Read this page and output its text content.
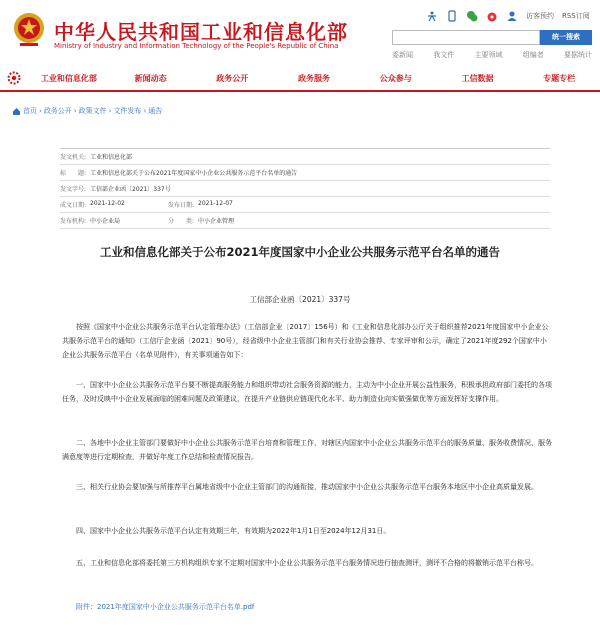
中华人民共和国工业和信息化部
Ministry of Industry and Information Technology of the People's Republic of China
访客预约 RSS订阅
统一搜索
委新闻	我文件	主要领域	组编者	要据统计
工业和信息化部	新闻动态	政务公开	政务服务	公众参与	工信数据	专题专栏
首页 › 政务公开 › 政策文件 › 文件发布 › 通告
发文机关: 工业和信息化部
标　　题: 工业和信息化部关于公布2021年度国家中小企业公共服务示范平台名单的通告
发文字号: 工信部企业函〔2021〕337号
成文日期: 2021-12-02	发布日期: 2021-12-07
发布机构: 中小企业局	分　　类: 中小企业管理
工业和信息化部关于公布2021年度国家中小企业公共服务示范平台名单的通告
工信部企业函〔2021〕337号
按照《国家中小企业公共服务示范平台认定管理办法》（工信部企业〔2017〕156号）和《工业和信息化部办公厅关于组织推荐2021年度国家中小企业公共服务示范平台的通知》（工信厅企业函〔2021〕90号），经省级中小企业主管部门和有关行业协会推荐、专家评审和公示，确定了2021年度292个国家中小企业公共服务示范平台（名单见附件），有关事项通告如下：
一、国家中小企业公共服务示范平台要不断提高服务能力和组织带动社会服务资源的能力，主动为中小企业开展公益性服务，积极承担政府部门委托的各项任务，及时反映中小企业发展面临的困难问题及政策建议，在提升产业链供应链现代化水平、助力制造业向实做强做优等方面发挥好支撑作用。
二、各地中小企业主管部门要做好中小企业公共服务示范平台培育和管理工作，对辖区内国家中小企业公共服务示范平台的服务质量、服务收费情况、服务满意度等进行定期检查，并做好年度工作总结和检查情况报告。
三、相关行业协会要加强与所推荐平台属地省级中小企业主管部门的沟通衔接，推动国家中小企业公共服务示范平台服务本地区中小企业高质量发展。
四、国家中小企业公共服务示范平台认定有效期三年，有效期为2022年1月1日至2024年12月31日。
五、工业和信息化部将委托第三方机构组织专家不定期对国家中小企业公共服务示范平台服务情况进行抽查测评，测评不合格的将撤销示范平台称号。
附件：2021年度国家中小企业公共服务示范平台名单.pdf
